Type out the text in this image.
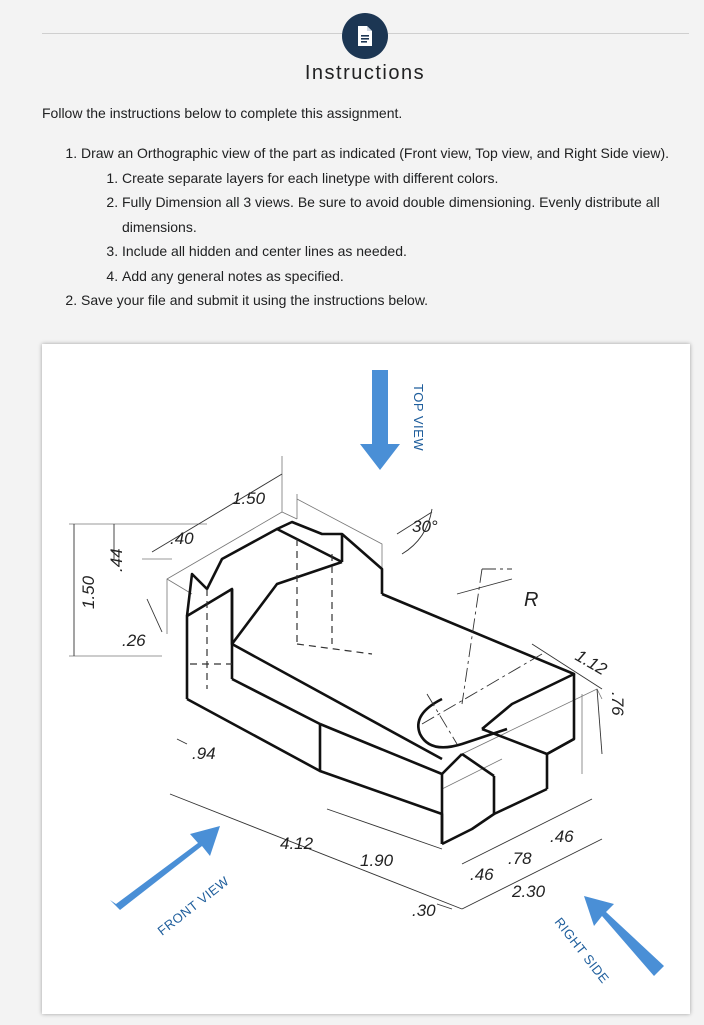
Instructions
Follow the instructions below to complete this assignment.
1. Draw an Orthographic view of the part as indicated (Front view, Top view, and Right Side view).
1. Create separate layers for each linetype with different colors.
2. Fully Dimension all 3 views. Be sure to avoid double dimensioning. Evenly distribute all dimensions.
3. Include all hidden and center lines as needed.
4. Add any general notes as specified.
2. Save your file and submit it using the instructions below.
1.50
.44
.26
.40
1.50
30°
R
1.12
.76
.94
4.12
1.90
.30
.46
.78
.46
2.30
TOP VIEW
FRONT VIEW
RIGHT SIDE
